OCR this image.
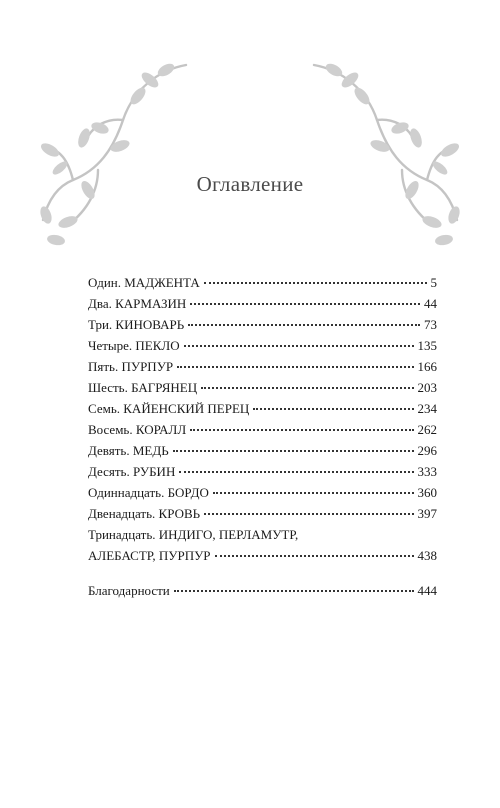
Оглавление
Один. МАДЖЕНТА	5
Два. КАРМАЗИН	44
Три. КИНОВАРЬ	73
Четыре. ПЕКЛО	135
Пять. ПУРПУР	166
Шесть. БАГРЯНЕЦ	203
Семь. КАЙЕНСКИЙ ПЕРЕЦ	234
Восемь. КОРАЛЛ	262
Девять. МЕДЬ	296
Десять. РУБИН	333
Одиннадцать. БОРДО	360
Двенадцать. КРОВЬ	397
Тринадцать. ИНДИГО, ПЕРЛАМУТР,
АЛЕБАСТР, ПУРПУР	438
Благодарности	444
